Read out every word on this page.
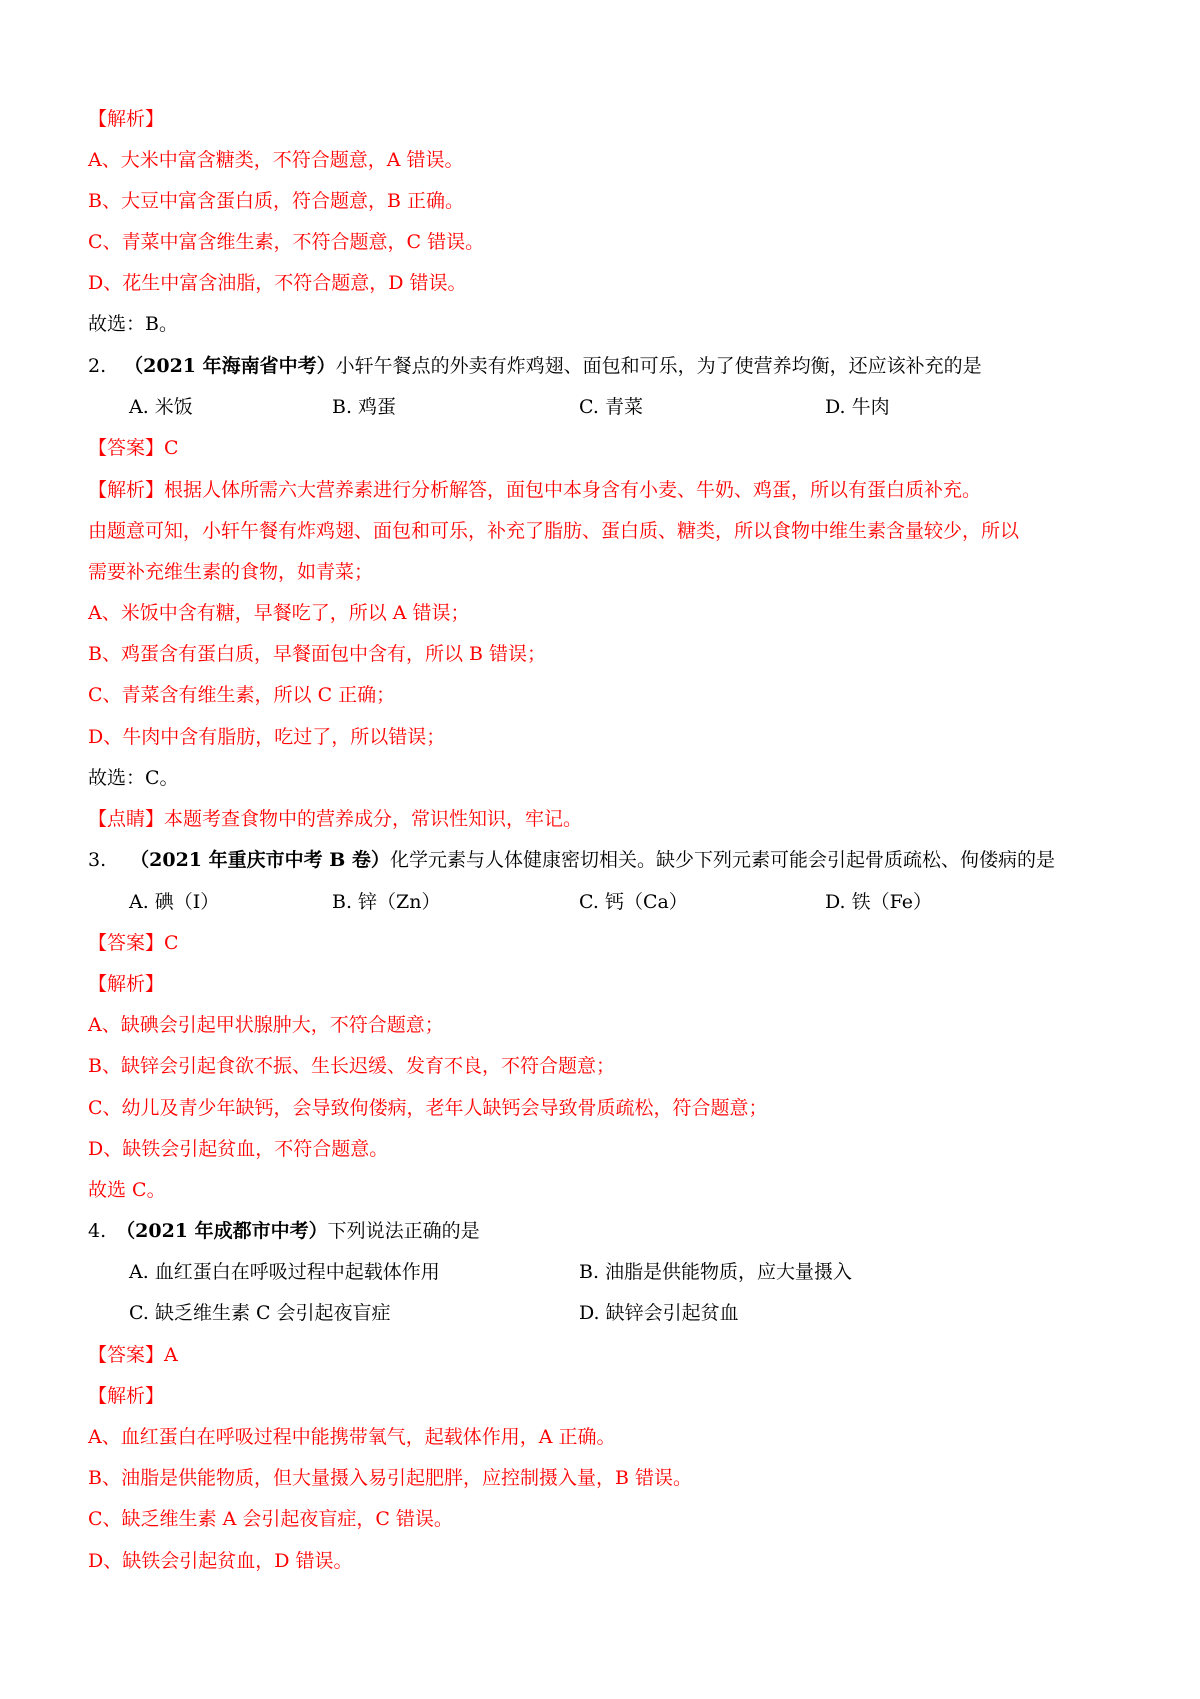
【解析】

A、大米中富含糖类，不符合题意，A 错误。

B、大豆中富含蛋白质，符合题意，B 正确。

C、青菜中富含维生素，不符合题意，C 错误。

D、花生中富含油脂，不符合题意，D 错误。

故选：B。

2. （2021 年海南省中考）小轩午餐点的外卖有炸鸡翅、面包和可乐，为了使营养均衡，还应该补充的是

A. 米饭	B. 鸡蛋	C. 青菜	D. 牛肉

【答案】C

【解析】根据人体所需六大营养素进行分析解答，面包中本身含有小麦、牛奶、鸡蛋，所以有蛋白质补充。

由题意可知，小轩午餐有炸鸡翅、面包和可乐，补充了脂肪、蛋白质、糖类，所以食物中维生素含量较少，所以

需要补充维生素的食物，如青菜；

A、米饭中含有糖，早餐吃了，所以 A 错误；

B、鸡蛋含有蛋白质，早餐面包中含有，所以 B 错误；

C、青菜含有维生素，所以 C 正确；

D、牛肉中含有脂肪，吃过了，所以错误；

故选：C。

【点睛】本题考查食物中的营养成分，常识性知识，牢记。

3. （2021 年重庆市中考 B 卷）化学元素与人体健康密切相关。缺少下列元素可能会引起骨质疏松、佝偻病的是

A. 碘（I）	B. 锌（Zn）	C. 钙（Ca）	D. 铁（Fe）

【答案】C

【解析】

A、缺碘会引起甲状腺肿大，不符合题意；

B、缺锌会引起食欲不振、生长迟缓、发育不良，不符合题意；

C、幼儿及青少年缺钙，会导致佝偻病，老年人缺钙会导致骨质疏松，符合题意；

D、缺铁会引起贫血，不符合题意。

故选 C。

4. （2021 年成都市中考）下列说法正确的是

A. 血红蛋白在呼吸过程中起载体作用	B. 油脂是供能物质，应大量摄入

C. 缺乏维生素 C 会引起夜盲症	D. 缺锌会引起贫血

【答案】A

【解析】

A、血红蛋白在呼吸过程中能携带氧气，起载体作用，A 正确。

B、油脂是供能物质，但大量摄入易引起肥胖，应控制摄入量，B 错误。

C、缺乏维生素 A 会引起夜盲症，C 错误。

D、缺铁会引起贫血，D 错误。
